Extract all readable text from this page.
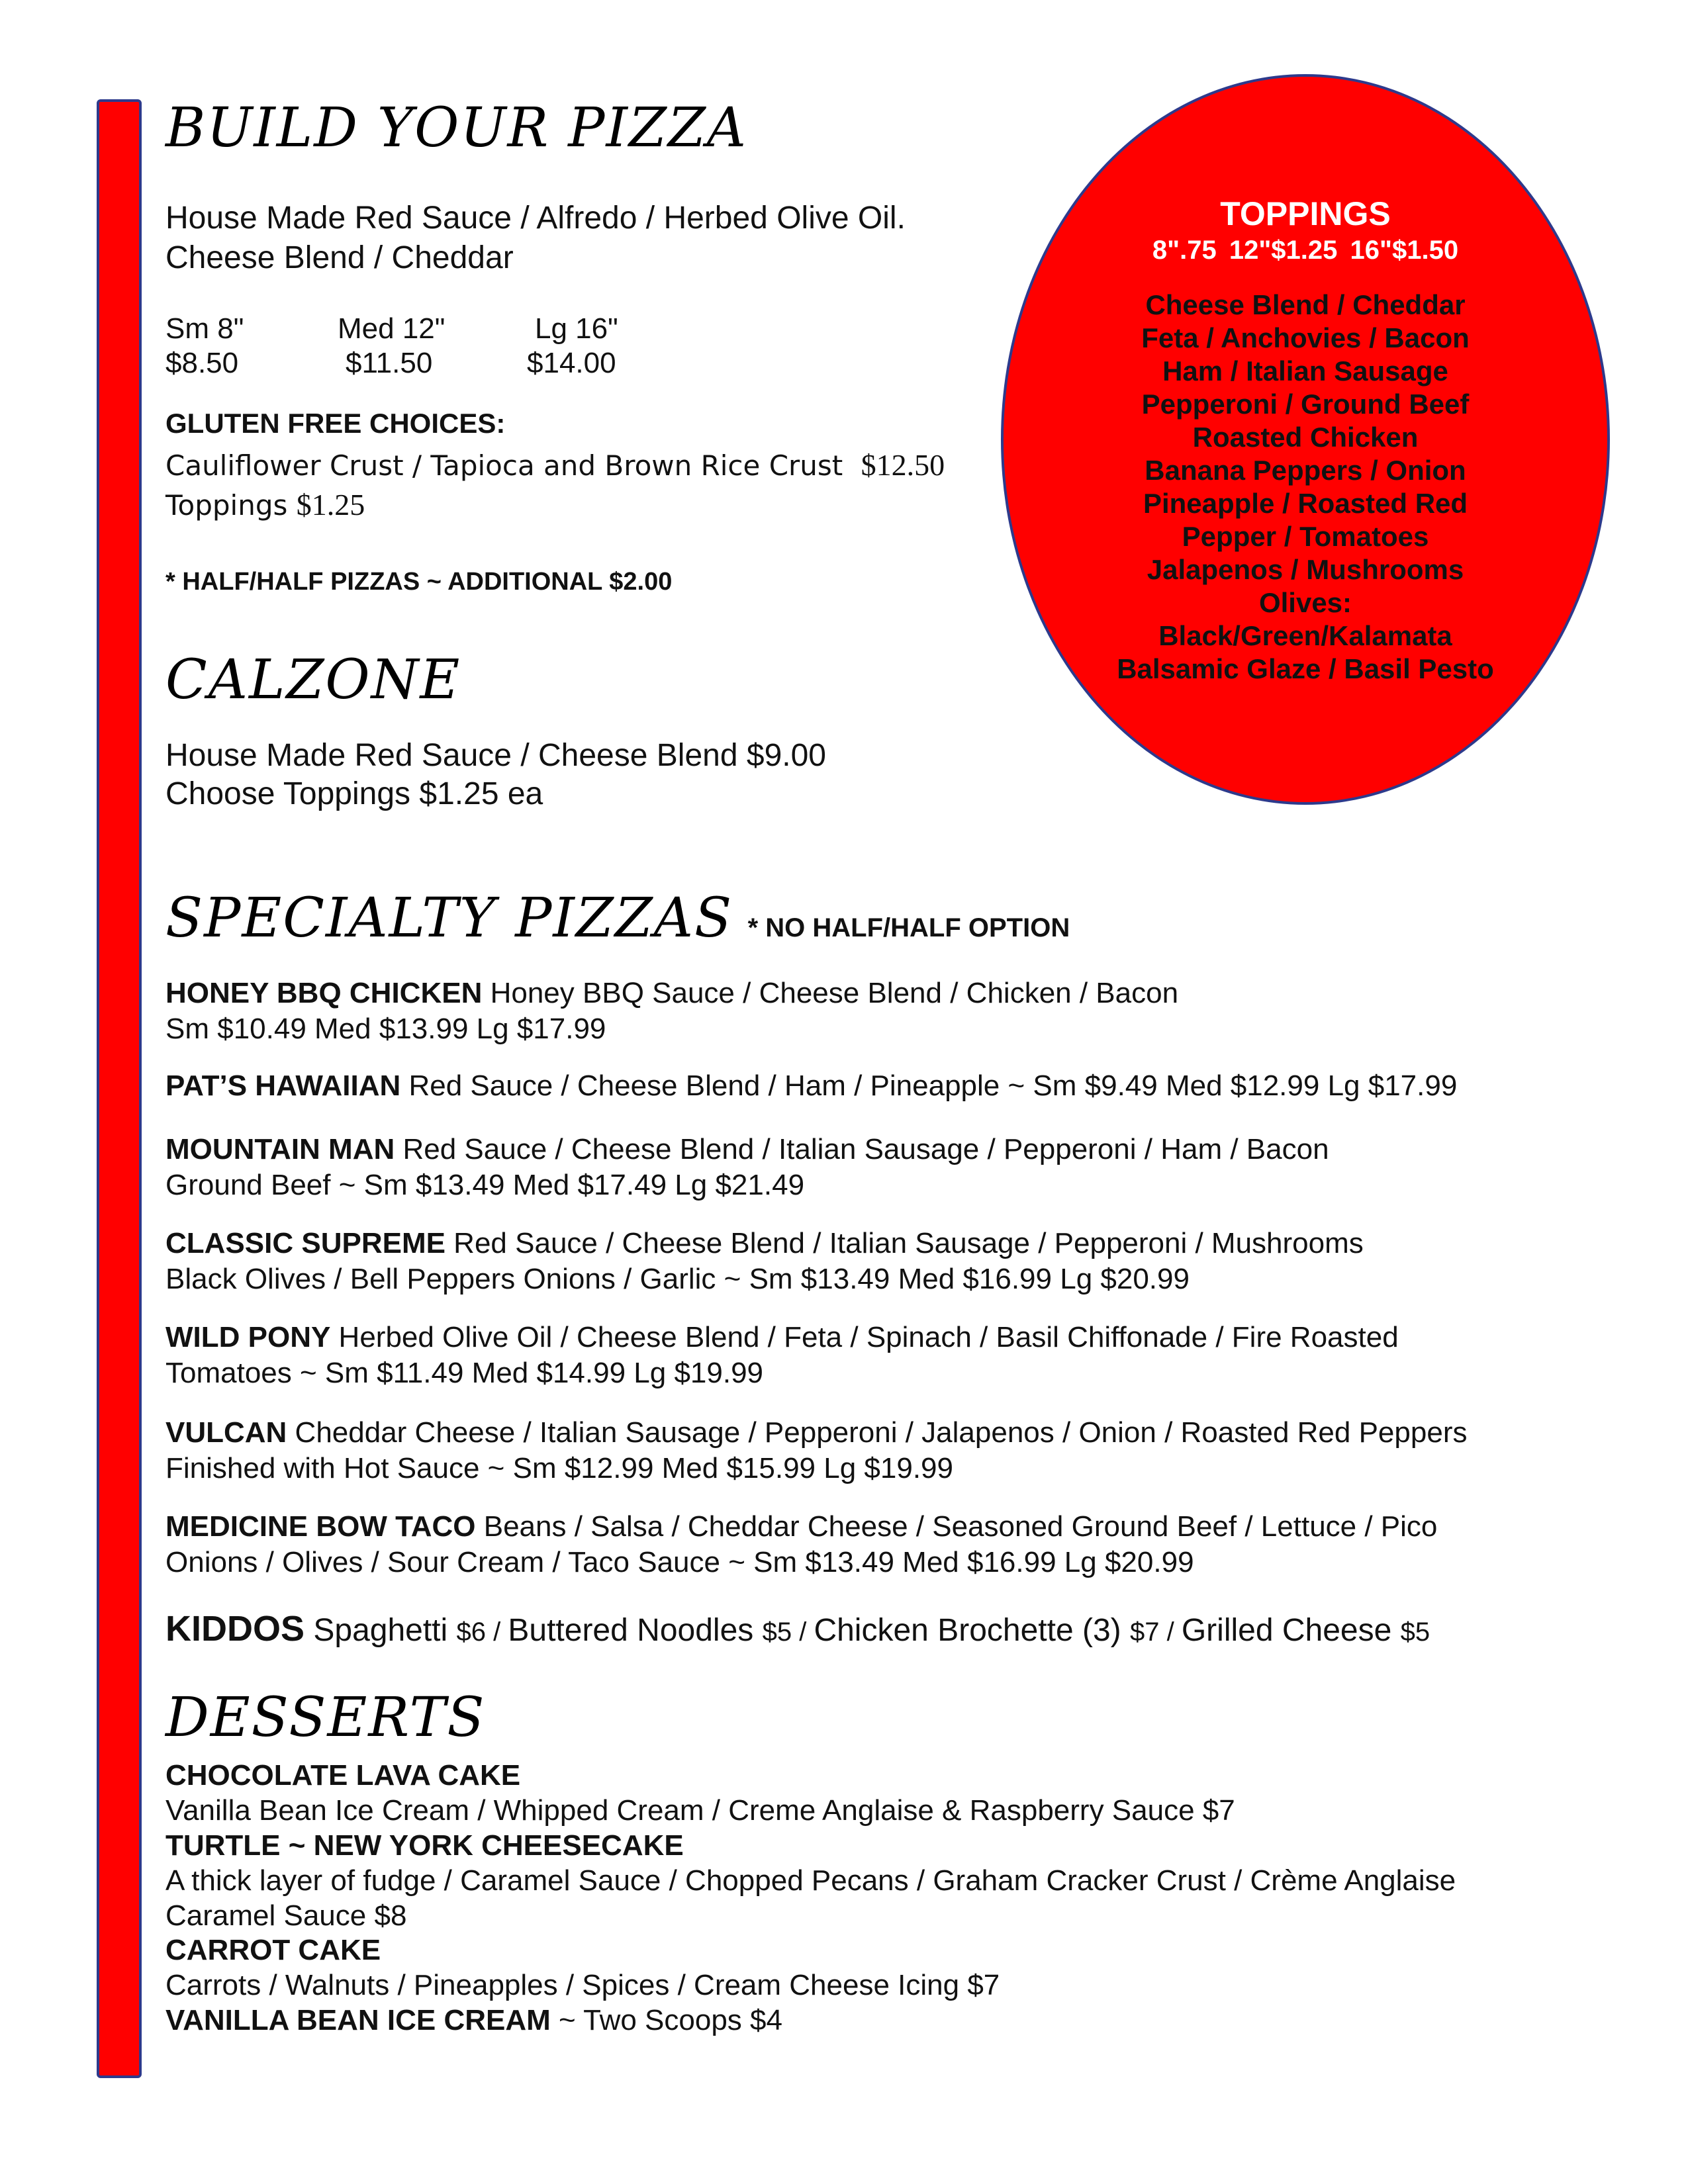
BUILD YOUR PIZZA
House Made Red Sauce / Alfredo / Herbed Olive Oil.
Cheese Blend / Cheddar
Sm 8"	Med 12"	Lg 16"
$8.50	$11.50	$14.00
GLUTEN FREE CHOICES:
Cauliflower Crust / Tapioca and Brown Rice Crust $12.50
Toppings $1.25
* HALF/HALF PIZZAS ~ ADDITIONAL $2.00
CALZONE
House Made Red Sauce / Cheese Blend $9.00
Choose Toppings $1.25 ea
TOPPINGS
8".75 12"$1.25 16"$1.50
Cheese Blend / Cheddar
Feta / Anchovies / Bacon
Ham / Italian Sausage
Pepperoni / Ground Beef
Roasted Chicken
Banana Peppers / Onion
Pineapple / Roasted Red
Pepper / Tomatoes
Jalapenos / Mushrooms
Olives:
Black/Green/Kalamata
Balsamic Glaze / Basil Pesto
SPECIALTY PIZZAS * NO HALF/HALF OPTION
HONEY BBQ CHICKEN Honey BBQ Sauce / Cheese Blend / Chicken / Bacon
Sm $10.49 Med $13.99 Lg $17.99
PAT’S HAWAIIAN Red Sauce / Cheese Blend / Ham / Pineapple ~ Sm $9.49 Med $12.99 Lg $17.99
MOUNTAIN MAN Red Sauce / Cheese Blend / Italian Sausage / Pepperoni / Ham / Bacon
Ground Beef ~ Sm $13.49 Med $17.49 Lg $21.49
CLASSIC SUPREME Red Sauce / Cheese Blend / Italian Sausage / Pepperoni / Mushrooms
Black Olives / Bell Peppers Onions / Garlic ~ Sm $13.49 Med $16.99 Lg $20.99
WILD PONY Herbed Olive Oil / Cheese Blend / Feta / Spinach / Basil Chiffonade / Fire Roasted
Tomatoes ~ Sm $11.49 Med $14.99 Lg $19.99
VULCAN Cheddar Cheese / Italian Sausage / Pepperoni / Jalapenos / Onion / Roasted Red Peppers
Finished with Hot Sauce ~ Sm $12.99 Med $15.99 Lg $19.99
MEDICINE BOW TACO Beans / Salsa / Cheddar Cheese / Seasoned Ground Beef / Lettuce / Pico
Onions / Olives / Sour Cream / Taco Sauce ~ Sm $13.49 Med $16.99 Lg $20.99
KIDDOS Spaghetti $6 / Buttered Noodles $5 / Chicken Brochette (3) $7 / Grilled Cheese $5
DESSERTS
CHOCOLATE LAVA CAKE
Vanilla Bean Ice Cream / Whipped Cream / Creme Anglaise & Raspberry Sauce $7
TURTLE ~ NEW YORK CHEESECAKE
A thick layer of fudge / Caramel Sauce / Chopped Pecans / Graham Cracker Crust / Crème Anglaise
Caramel Sauce $8
CARROT CAKE
Carrots / Walnuts / Pineapples / Spices / Cream Cheese Icing $7
VANILLA BEAN ICE CREAM ~ Two Scoops $4
